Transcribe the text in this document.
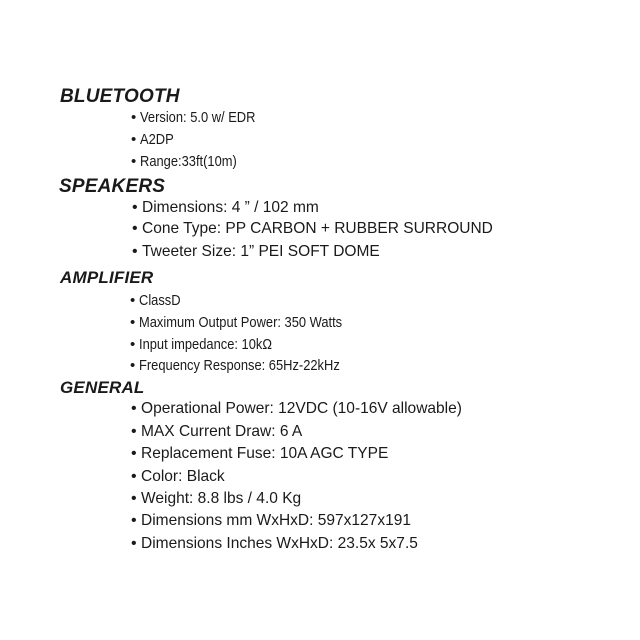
BLUETOOTH
• Version: 5.0 w/ EDR
• A2DP
• Range:33ft(10m)
SPEAKERS
• Dimensions: 4 ” / 102 mm
• Cone Type: PP CARBON + RUBBER SURROUND
• Tweeter Size: 1” PEI SOFT DOME
AMPLIFIER
• ClassD
• Maximum Output Power: 350 Watts
• Input impedance: 10kΩ
• Frequency Response: 65Hz-22kHz
GENERAL
• Operational Power: 12VDC (10-16V allowable)
• MAX Current Draw: 6 A
• Replacement Fuse: 10A AGC TYPE
• Color: Black
• Weight: 8.8 lbs / 4.0 Kg
• Dimensions mm WxHxD: 597x127x191
• Dimensions Inches WxHxD: 23.5x 5x7.5
